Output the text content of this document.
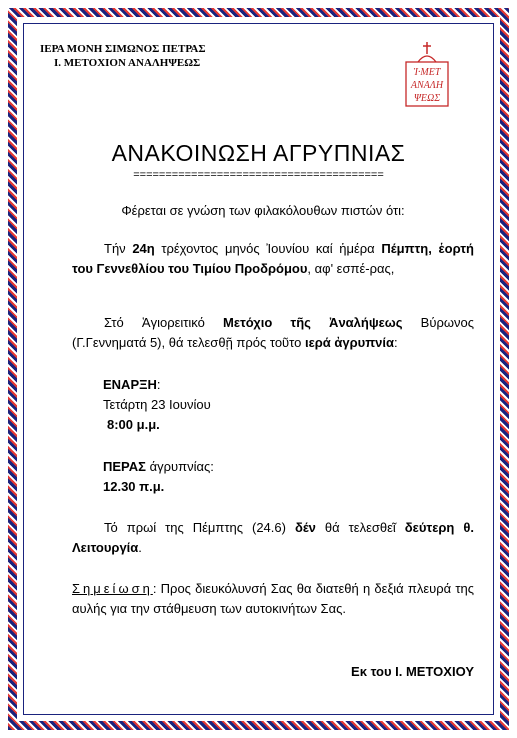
ΙΕΡΑ ΜΟΝΗ ΣΙΜΩΝΟΣ ΠΕΤΡΑΣ
Ι. ΜΕΤΟΧΙΟΝ ΑΝΑΛΗΨΕΩΣ
Ἱ·ΜΕΤ
ΑΝΑΛΗ
ΨΕΩΣ
ΑΝΑΚΟΙΝΩΣΗ ΑΓΡΥΠΝΙΑΣ
=======================================
Φέρεται σε γνώση των φιλακόλουθων πιστών ότι:
Τήν 24η τρέχοντος μηνός Ἰουνίου καί ἡμέρα Πέμπτη, ἑορτή του Γεννεθλίου του Τιμίου Προδρόμου, αφ' εσπέ-ρας,
Στό Ἁγιορειτικό Μετόχιο τῆς Ἀναλήψεως Βύρωνος (Γ.Γεννηματά 5), θά τελεσθῇ πρός τοῦτο ιερά ἀγρυπνία:
ΕΝΑΡΞΗ:
Τετάρτη 23 Ιουνίου
8:00 μ.μ.
ΠΕΡΑΣ άγρυπνίας:
12.30 π.μ.
Τό πρωί της Πέμπτης (24.6) δέν θά τελεσθεῖ δεύτερη θ. Λειτουργία.
Σημείωση: Προς διευκόλυνσή Σας θα διατεθή η δεξιά πλευρά της αυλής για την στάθμευση των αυτοκινήτων Σας.
Εκ του Ι. ΜΕΤΟΧΙΟΥ
